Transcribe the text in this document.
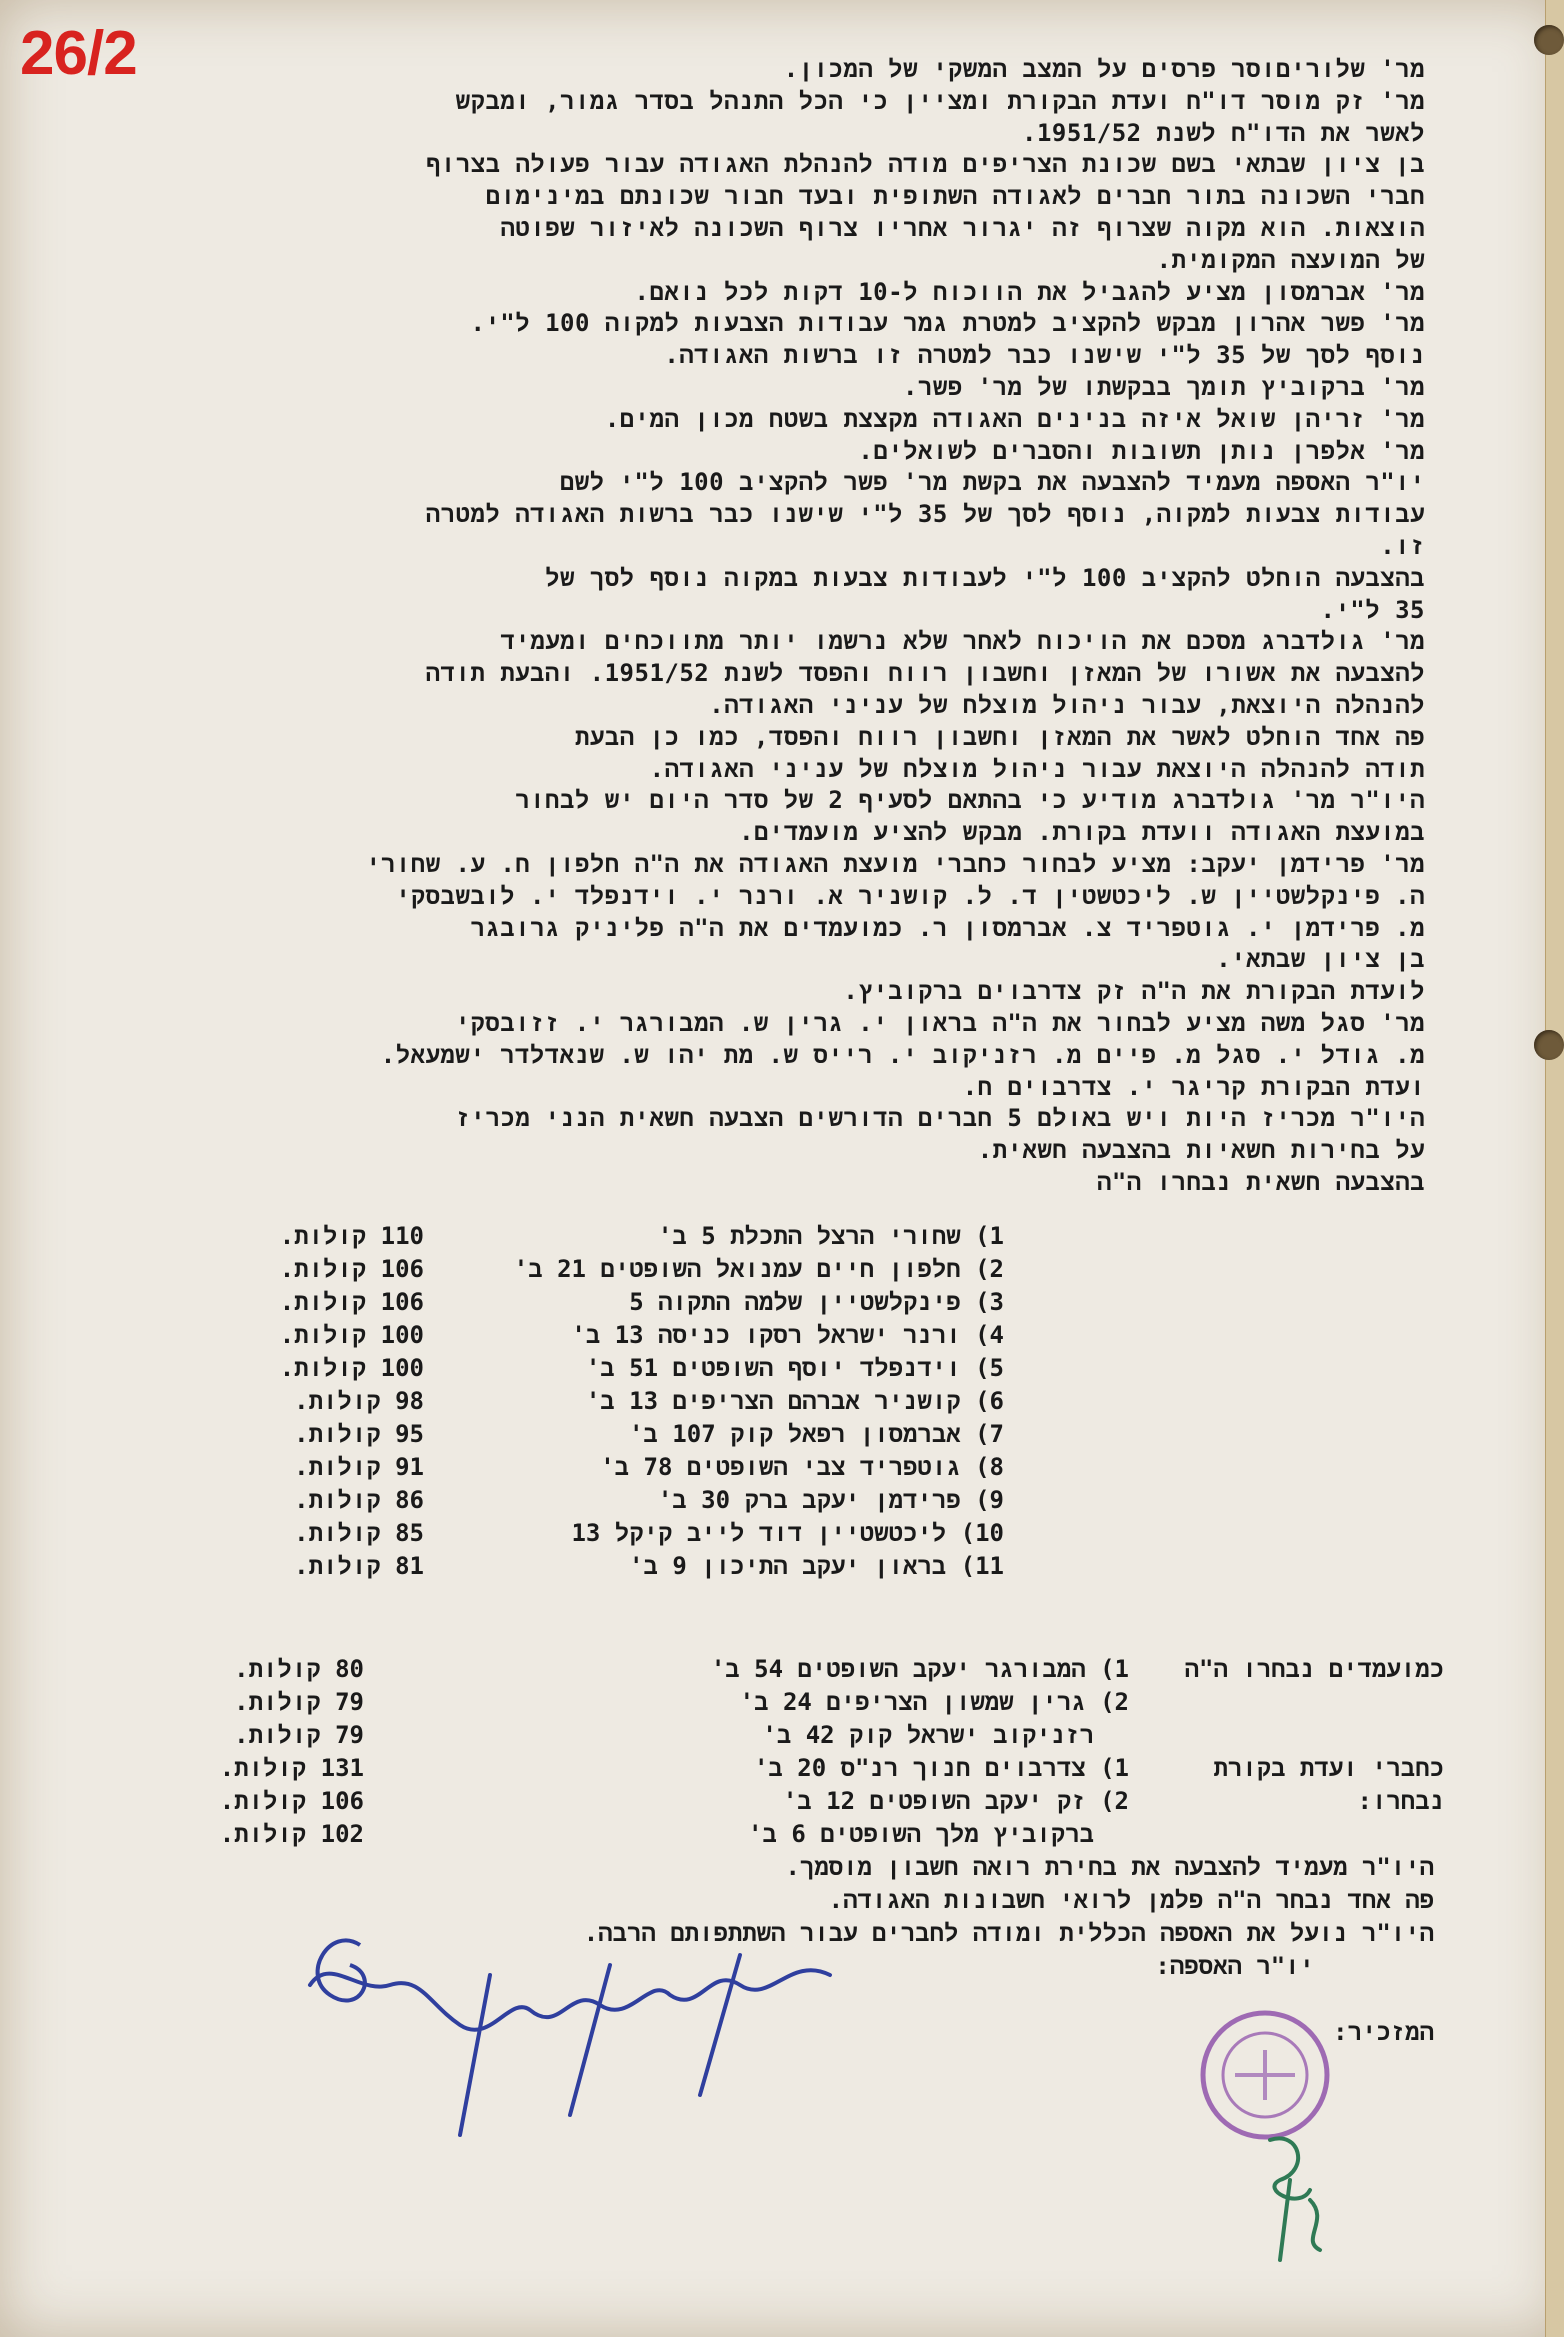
26/2	מר' שלוריםוסר פרסים על המצב המשקי של המכון.
מר' זק מוסר דו"ח ועדת הבקורת ומציין כי הכל התנהל בסדר גמור, ומבקש
לאשר את הדו"ח לשנת 1951/52.
בן ציון שבתאי בשם שכונת הצריפים מודה להנהלת האגודה עבור פעולה בצרוף
חברי השכונה בתור חברים לאגודה השתופית ובעד חבור שכונתם במינימום
הוצאות. הוא מקוה שצרוף זה יגרור אחריו צרוף השכונה לאיזור שפוטה
של המועצה המקומית.
מר' אברמסון מציע להגביל את הווכוח ל-10 דקות לכל נואם.
מר' פשר אהרון מבקש להקציב למטרת גמר עבודות הצבעות למקוה 100 ל"י.
נוסף לסך של 35 ל"י שישנו כבר למטרה זו ברשות האגודה.
מר' ברקוביץ תומך בבקשתו של מר' פשר.
מר' זריהן שואל איזה בנינים האגודה מקצצת בשטח מכון המים.
מר' אלפרן נותן תשובות והסברים לשואלים.
יו"ר האספה מעמיד להצבעה את בקשת מר' פשר להקציב 100 ל"י לשם
עבודות צבעות למקוה, נוסף לסך של 35 ל"י שישנו כבר ברשות האגודה למטרה
זו.
בהצבעה הוחלט להקציב 100 ל"י לעבודות צבעות במקוה נוסף לסך של
35 ל"י.
מר' גולדברג מסכם את הויכוח לאחר שלא נרשמו יותר מתווכחים ומעמיד
להצבעה את אשורו של המאזן וחשבון רווח והפסד לשנת 1951/52. והבעת תודה
להנהלה היוצאת, עבור ניהול מוצלח של עניני האגודה.
פה אחד הוחלט לאשר את המאזן וחשבון רווח והפסד, כמו כן הבעת
תודה להנהלה היוצאת עבור ניהול מוצלח של עניני האגודה.
היו"ר מר' גולדברג מודיע כי בהתאם לסעיף 2 של סדר היום יש לבחור
במועצת האגודה וועדת בקורת. מבקש להציע מועמדים.
מר' פרידמן יעקב: מציע לבחור כחברי מועצת האגודה את ה"ה חלפון ח. ע. שחורי
ה. פינקלשטיין ש. ליכטשטין ד. ל. קושניר א. ורנר י. וידנפלד י. לובשבסקי
מ. פרידמן י. גוטפריד צ. אברמסון ר. כמועמדים את ה"ה פליניק גרובגר
בן ציון שבתאי.
לועדת הבקורת את ה"ה זק צדרבוים ברקוביץ.
מר' סגל משה מציע לבחור את ה"ה בראון י. גרין ש. המבורגר י. זזובסקי
מ. גודל י. סגל מ. פיים מ. רזניקוב י. רייס ש. מת יהו ש. שנאדלדר ישמעאל.
ועדת הבקורת קריגר י. צדרבוים ח.
היו"ר מכריז היות ויש באולם 5 חברים הדורשים הצבעה חשאית הנני מכריז
על בחירות חשאיות בהצבעה חשאית.
בהצבעה חשאית נבחרו ה"ה
1) שחורי הרצל התכלת 5 ב'
110 קולות.
2) חלפון חיים עמנואל השופטים 21 ב'
106 קולות.
3) פינקלשטיין שלמה התקוה 5
106 קולות.
4) ורנר ישראל רסקו כניסה 13 ב'
100 קולות.
5) וידנפלד יוסף השופטים 51 ב'
100 קולות.
6) קושניר אברהם הצריפים 13 ב'
98 קולות.
7) אברמסון רפאל קוק 107 ב'
95 קולות.
8) גוטפריד צבי השופטים 78 ב'
91 קולות.
9) פרידמן יעקב ברק 30 ב'
86 קולות.
10) ליכטשטיין דוד לייב קיקל 13
85 קולות.
11) בראון יעקב התיכון 9 ב'
81 קולות.
כמועמדים נבחרו ה"ה
1) המבורגר יעקב השופטים 54 ב'
80 קולות.
2) גרין שמשון הצריפים 24 ב'
79 קולות.
רזניקוב ישראל קוק 42 ב'
79 קולות.
כחברי ועדת בקורת
נבחרו:
1) צדרבוים חנוך רנ"ס 20 ב'
131 קולות.
2) זק יעקב השופטים 12 ב'
106 קולות.
ברקוביץ מלך השופטים 6 ב'
102 קולות.
היו"ר מעמיד להצבעה את בחירת רואה חשבון מוסמך.
פה אחד נבחר ה"ה פלמן לרואי חשבונות האגודה.
היו"ר נועל את האספה הכללית ומודה לחברים עבור השתתפותם הרבה.
יו"ר האספה:
המזכיר:
